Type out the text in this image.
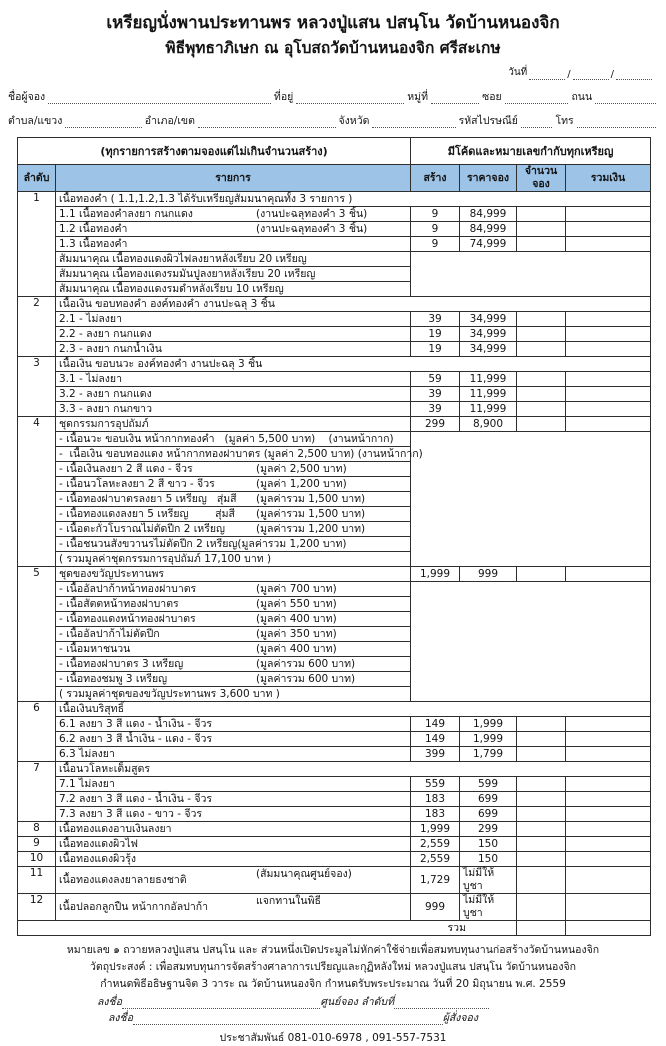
เหรียญนั่งพานประทานพร หลวงปู่แสน ปสนฺโน วัดบ้านหนองจิก
พิธีพุทธาภิเษก ณ อุโบสถวัดบ้านหนองจิก ศรีสะเกษ
วันที่	/	/
ชื่อผู้จอง	ที่อยู่	หมู่ที่	ซอย	ถนน
ตำบล/แขวง	อำเภอ/เขต	จังหวัด	รหัสไปรษณีย์	โทร
(ทุกรายการสร้างตามจองแต่ไม่เกินจำนวนสร้าง)		มีโค้ดและหมายเลขกำกับทุกเหรียญ			
ลำดับ	รายการ	สร้าง	ราคาจอง	จำนวนจอง	รวมเงิน
1	เนื้อทองคำ ( 1.1,1.2,1.3 ได้รับเหรียญสัมมนาคุณทั้ง 3 รายการ )				
	1.1 เนื้อทองคำลงยา กนกแดง (งานปะฉลุทองคำ 3 ชิ้น)	9	84,999		
	1.2 เนื้อทองคำ (งานปะฉลุทองคำ 3 ชิ้น)	9	84,999		
	1.3 เนื้อทองคำ	9	74,999		
	สัมมนาคุณ เนื้อทองแดงผิวไฟลงยาหลังเรียบ 20 เหรียญ				
	สัมมนาคุณ เนื้อทองแดงรมมันปูลงยาหลังเรียบ 20 เหรียญ				
	สัมมนาคุณ เนื้อทองแดงรมดำหลังเรียบ 10 เหรียญ				
2	เนื้อเงิน ขอบทองคำ องค์ทองคำ งานปะฉลุ 3 ชิ้น				
	2.1 - ไม่ลงยา	39	34,999		
	2.2 - ลงยา กนกแดง	19	34,999		
	2.3 - ลงยา กนกน้ำเงิน	19	34,999		
3	เนื้อเงิน ขอบนวะ องค์ทองคำ งานปะฉลุ 3 ชิ้น				
	3.1 - ไม่ลงยา	59	11,999		
	3.2 - ลงยา กนกแดง	39	11,999		
	3.3 - ลงยา กนกขาว	39	11,999		
4	ชุดกรรมการอุปถัมภ์	299	8,900		
	- เนื้อนวะ ขอบเงิน หน้ากากทองคำ   (มูลค่า 5,500 บาท)    (งานหน้ากาก)				
	-  เนื้อเงิน ขอบทองแดง หน้ากากทองฝาบาตร (มูลค่า 2,500 บาท) (งานหน้ากาก)				
	- เนื้อเงินลงยา 2 สี แดง - จีวร (มูลค่า 2,500 บาท)				

	- เนื้อนวโลหะลงยา 2 สี ขาว - จีวร (มูลค่า 1,200 บาท)				

	- เนื้อทองฝาบาตรลงยา 5 เหรียญ   สุ่มสี (มูลค่ารวม 1,500 บาท)				

	- เนื้อทองแดงลงยา 5 เหรียญ        สุ่มสี (มูลค่ารวม 1,500 บาท)				

	- เนื้อตะกั่วโบราณไม่ตัดปีก 2 เหรียญ (มูลค่ารวม 1,200 บาท)				

	- เนื้อชนวนสังขวานรไม่ตัดปีก 2 เหรียญ(มูลค่ารวม 1,200 บาท)				
	( รวมมูลค่าชุดกรรมการอุปถัมภ์ 17,100 บาท )				
5	ชุดของขวัญประทานพร	1,999	999		
	- เนื้ออัลปาก้าหน้าทองฝาบาตร (มูลค่า 700 บาท)				

	- เนื้อสัตตหน้าทองฝาบาตร (มูลค่า 550 บาท)				

	- เนื้อทองแดงหน้าทองฝาบาตร (มูลค่า 400 บาท)				

	- เนื้ออัลปาก้าไม่ตัดปีก (มูลค่า 350 บาท)				

	- เนื้อมหาชนวน (มูลค่า 400 บาท)				

	- เนื้อทองฝาบาตร 3 เหรียญ (มูลค่ารวม 600 บาท)				

	- เนื้อทองชมพู 3 เหรียญ (มูลค่ารวม 600 บาท)				

	( รวมมูลค่าชุดของขวัญประทานพร 3,600 บาท )				
6	เนื้อเงินบริสุทธิ์				
	6.1 ลงยา 3 สี แดง - น้ำเงิน - จีวร	149	1,999		
	6.2 ลงยา 3 สี น้ำเงิน - แดง - จีวร	149	1,999		
	6.3 ไม่ลงยา	399	1,799		
7	เนื้อนวโลหะเต็มสูตร				
	7.1 ไม่ลงยา	559	599		
	7.2 ลงยา 3 สี แดง - น้ำเงิน - จีวร	183	699		
	7.3 ลงยา 3 สี แดง - ขาว - จีวร	183	699		
8	เนื้อทองแดงอาบเงินลงยา	1,999	299		
9	เนื้อทองแดงผิวไฟ	2,559	150		
10	เนื้อทองแดงผิวรุ้ง	2,559	150		
11	เนื้อทองแดงลงยาลายธงชาติ (สัมมนาคุณศูนย์จอง)	1,729	ไม่มีให้บูชา		
12	เนื้อปลอกลูกปืน หน้ากากอัลปาก้า แจกทานในพิธี	999	ไม่มีให้บูชา		
รวม					
หมายเลข ๑ ถวายหลวงปู่แสน ปสนฺโน และ ส่วนหนึ่งเปิดประมูลไม่หักค่าใช้จ่ายเพื่อสมทบทุนงานก่อสร้างวัดบ้านหนองจิก
วัตถุประสงค์ : เพื่อสมทบทุนการจัดสร้างศาลาการเปรียญและกุฏิหลังใหม่ หลวงปู่แสน ปสนฺโน วัดบ้านหนองจิก
กำหนดพิธีอธิษฐานจิต 3 วาระ ณ วัดบ้านหนองจิก กำหนดรับพระประมาณ วันที่ 20 มิถุนายน พ.ศ. 2559
ลงชื่อ	ศูนย์จอง ลำดับที่
ลงชื่อ	ผู้สั่งจอง
ประชาสัมพันธ์ 081-010-6978 , 091-557-7531
